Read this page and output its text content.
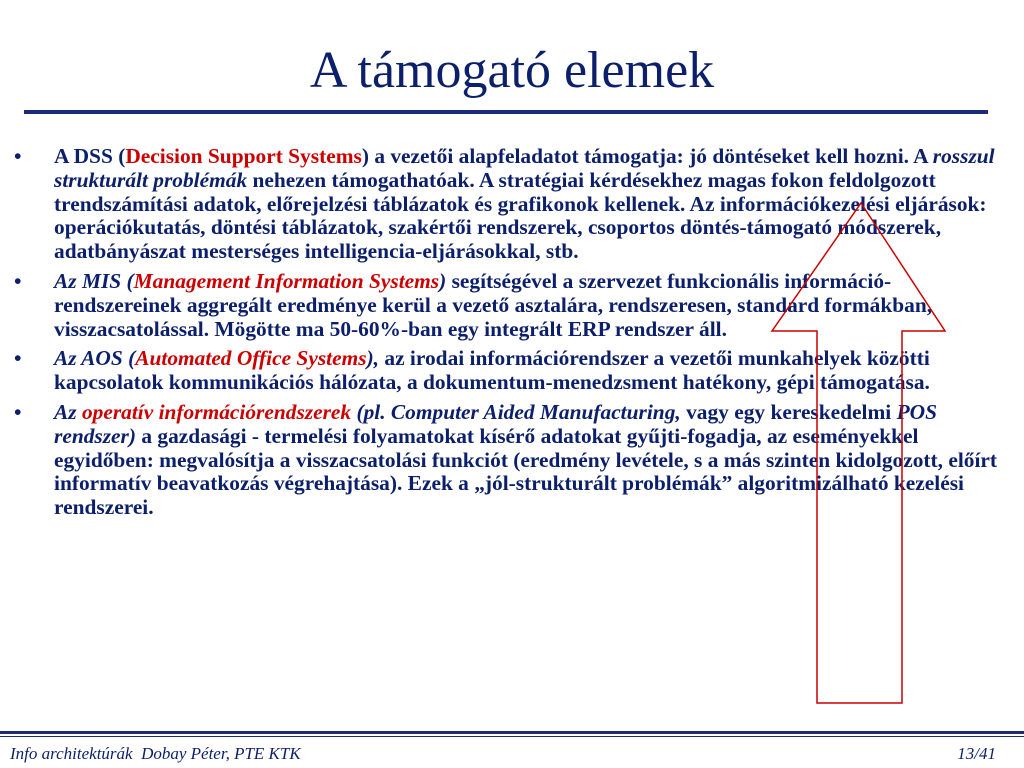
A támogató elemek
• A DSS (Decision Support Systems) a vezetői alapfeladatot támogatja: jó döntéseket kell hozni. A rosszul strukturált problémák nehezen támogathatóak. A stratégiai kérdésekhez magas fokon feldolgozott trendszámítási adatok, előrejelzési táblázatok és grafikonok kellenek. Az információkezelési eljárások: operációkutatás, döntési táblázatok, szakértői rendszerek, csoportos döntés-támogató módszerek, adatbányászat mesterséges intelligencia-eljárásokkal, stb.
• Az MIS (Management Information Systems) segítségével a szervezet funkcionális információ-rendszereinek aggregált eredménye kerül a vezető asztalára, rendszeresen, standard formákban, visszacsatolással. Mögötte ma 50-60%-ban egy integrált ERP rendszer áll.
• Az AOS (Automated Office Systems), az irodai információrendszer a vezetői munkahelyek közötti kapcsolatok kommunikációs hálózata, a dokumentum-menedzsment hatékony, gépi támogatása.
• Az operatív információrendszerek (pl. Computer Aided Manufacturing, vagy egy kereskedelmi POS rendszer) a gazdasági - termelési folyamatokat kísérő adatokat gyűjti-fogadja, az eseményekkel egyidőben: megvalósítja a visszacsatolási funkciót (eredmény levétele, s a más szinten kidolgozott, előírt informatív beavatkozás végrehajtása). Ezek a „jól-strukturált problémák” algoritmizálható kezelési rendszerei.
Info architektúrák  Dobay Péter, PTE KTK	13/41
